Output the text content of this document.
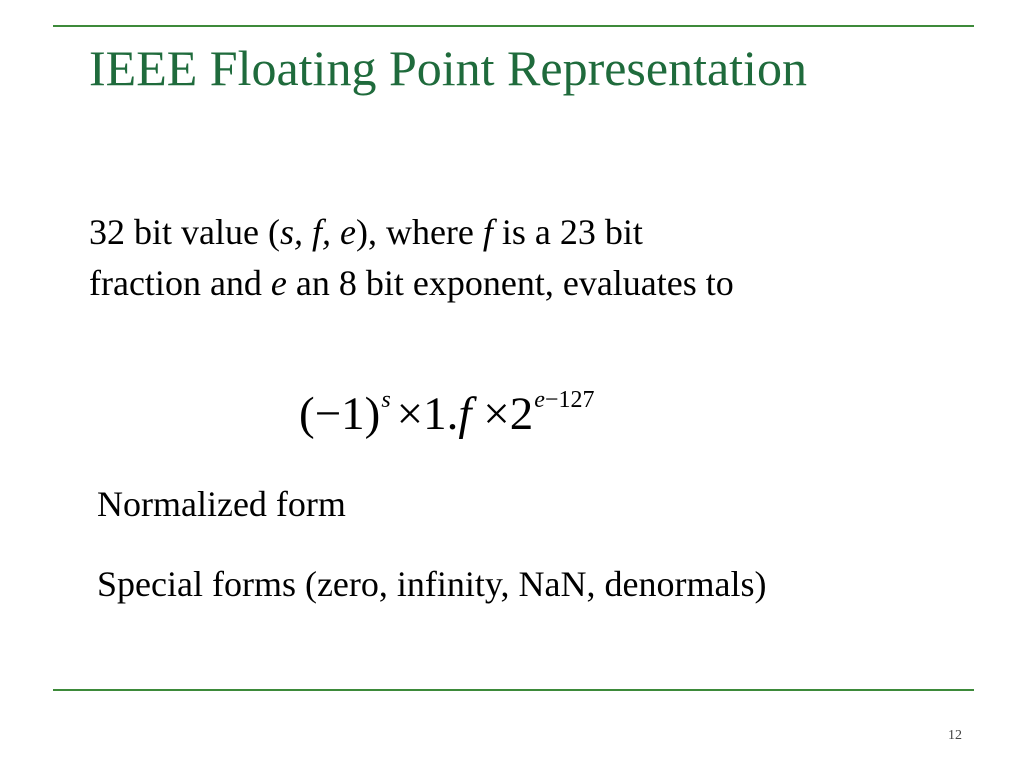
IEEE Floating Point Representation
32 bit value (s, f, e), where f is a 23 bit
fraction and e an 8 bit exponent, evaluates to
$(-1)^s \times 1.f \times 2^{e-127}$
Normalized form
Special forms (zero, infinity, NaN, denormals)
12
